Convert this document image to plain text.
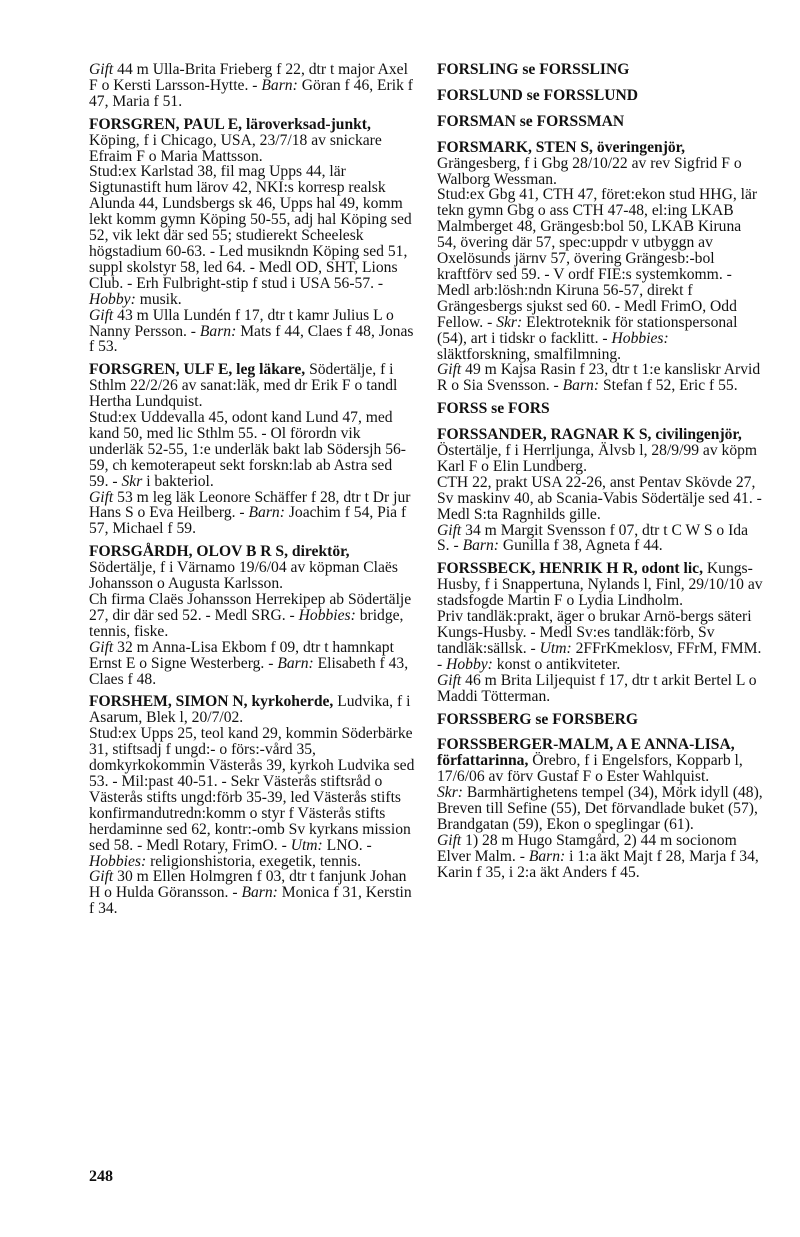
Gift 44 m Ulla-Brita Frieberg f 22, dtr t major Axel F o Kersti Larsson-Hytte. - Barn: Göran f 46, Erik f 47, Maria f 51.

FORSGREN, PAUL E, läroverksad-junkt, Köping, f i Chicago, USA, 23/7/18 av snickare Efraim F o Maria Mattsson.

Stud:ex Karlstad 38, fil mag Upps 44, lär Sigtunastift hum lärov 42, NKI:s korresp realsk Alunda 44, Lundsbergs sk 46, Upps hal 49, komm lekt komm gymn Köping 50-55, adj hal Köping sed 52, vik lekt där sed 55; studierekt Scheelesk högstadium 60-63. - Led musikndn Köping sed 51, suppl skolstyr 58, led 64. - Medl OD, SHT, Lions Club. - Erh Fulbright-stip f stud i USA 56-57. - Hobby: musik.

Gift 43 m Ulla Lundén f 17, dtr t kamr Julius L o Nanny Persson. - Barn: Mats f 44, Claes f 48, Jonas f 53.

FORSGREN, ULF E, leg läkare, Södertälje, f i Sthlm 22/2/26 av sanat:läk, med dr Erik F o tandl Hertha Lundquist.

Stud:ex Uddevalla 45, odont kand Lund 47, med kand 50, med lic Sthlm 55. - Ol förordn vik underläk 52-55, 1:e underläk bakt lab Södersjh 56-59, ch kemoterapeut sekt forskn:lab ab Astra sed 59. - Skr i bakteriol.

Gift 53 m leg läk Leonore Schäffer f 28, dtr t Dr jur Hans S o Eva Heilberg. - Barn: Joachim f 54, Pia f 57, Michael f 59.

FORSGÅRDH, OLOV B R S, direktör, Södertälje, f i Värnamo 19/6/04 av köpman Claës Johansson o Augusta Karlsson.

Ch firma Claës Johansson Herrekipер ab Södertälje 27, dir där sed 52. - Medl SRG. - Hobbies: bridge, tennis, fiske.

Gift 32 m Anna-Lisa Ekbom f 09, dtr t hamnkapt Ernst E o Signe Westerberg. - Barn: Elisabeth f 43, Claes f 48.

FORSHEM, SIMON N, kyrkoherde, Ludvika, f i Asarum, Blek l, 20/7/02.

Stud:ex Upps 25, teol kand 29, kommin Söderbärke 31, stiftsadj f ungd:- o förs:-vård 35, domkyrkokommin Västerås 39, kyrkoh Ludvika sed 53. - Mil:past 40-51. - Sekr Västerås stiftsråd o Västerås stifts ungd:förb 35-39, led Västerås stifts konfirmandutredn:komm o styr f Västerås stifts herdaminne sed 62, kontr:-omb Sv kyrkans mission sed 58. - Medl Rotary, FrimO. - Utm: LNO. - Hobbies: religionshistoria, exegetik, tennis.

Gift 30 m Ellen Holmgren f 03, dtr t fanjunk Johan H o Hulda Göransson. - Barn: Monica f 31, Kerstin f 34.

FORSLING se FORSSLING

FORSLUND se FORSSLUND

FORSMAN se FORSSMAN

FORSMARK, STEN S, överingenjör, Grängesberg, f i Gbg 28/10/22 av rev Sigfrid F o Walborg Wessman.

Stud:ex Gbg 41, CTH 47, föret:ekon stud HHG, lär tekn gymn Gbg o ass CTH 47-48, el:ing LKAB Malmberget 48, Grängesb:bol 50, LKAB Kiruna 54, övering där 57, spec:uppdr v utbyggn av Oxelösunds järnv 57, övering Grängesb:-bol kraftförv sed 59. - V ordf FIE:s systemkomm. - Medl arb:lösh:ndn Kiruna 56-57, direkt f Grängesbergs sjukst sed 60. - Medl FrimO, Odd Fellow. - Skr: Elektroteknik för stationspersonal (54), art i tidskr o facklitt. - Hobbies: släktforskning, smalfilmning.

Gift 49 m Kajsa Rasin f 23, dtr t 1:e kansliskr Arvid R o Sia Svensson. - Barn: Stefan f 52, Eric f 55.

FORSS se FORS

FORSSANDER, RAGNAR K S, civilingenjör, Östertälje, f i Herrljunga, Älvsb l, 28/9/99 av köpm Karl F o Elin Lundberg.

CTH 22, prakt USA 22-26, anst Pentav Skövde 27, Sv maskinv 40, ab Scania-Vabis Södertälje sed 41. - Medl S:ta Ragnhilds gille.

Gift 34 m Margit Svensson f 07, dtr t C W S o Ida S. - Barn: Gunilla f 38, Agneta f 44.

FORSSBECK, HENRIK H R, odont lic, Kungs-Husby, f i Snappertuna, Nylands l, Finl, 29/10/10 av stadsfogde Martin F o Lydia Lindholm.

Priv tandläk:prakt, äger o brukar Arnö-bergs säteri Kungs-Husby. - Medl Sv:es tandläk:förb, Sv tandläk:sällsk. - Utm: 2FFrKmeklosv, FFrM, FMM. - Hobby: konst o antikviteter.

Gift 46 m Brita Liljequist f 17, dtr t arkit Bertel L o Maddi Tötterman.

FORSSBERG se FORSBERG

FORSSBERGER-MALM, A E ANNA-LISA, författarinna, Örebro, f i Engelsfors, Kopparb l, 17/6/06 av förv Gustaf F o Ester Wahlquist.

Skr: Barmhärtighetens tempel (34), Mörk idyll (48), Breven till Sefine (55), Det förvandlade buket (57), Brandgatan (59), Ekon o speglingar (61).

Gift 1) 28 m Hugo Stamgård, 2) 44 m socionom Elver Malm. - Barn: i 1:a äkt Majt f 28, Marja f 34, Karin f 35, i 2:a äkt Anders f 45.

248
